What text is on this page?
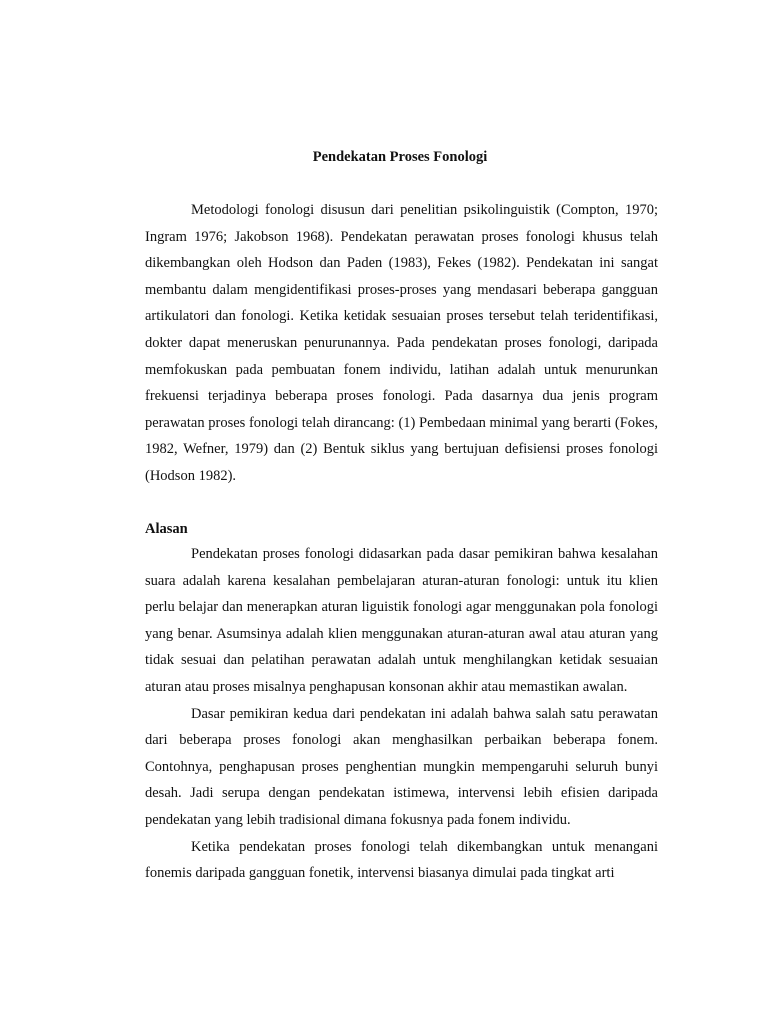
Pendekatan Proses Fonologi

Metodologi fonologi disusun dari penelitian psikolinguistik (Compton, 1970; Ingram 1976; Jakobson 1968). Pendekatan perawatan proses fonologi khusus telah dikembangkan oleh Hodson dan Paden (1983), Fekes (1982). Pendekatan ini sangat membantu dalam mengidentifikasi proses-proses yang mendasari beberapa gangguan artikulatori dan fonologi. Ketika ketidak sesuaian proses tersebut telah teridentifikasi, dokter dapat meneruskan penurunannya. Pada pendekatan proses fonologi, daripada memfokuskan pada pembuatan fonem individu, latihan adalah untuk menurunkan frekuensi terjadinya beberapa proses fonologi. Pada dasarnya dua jenis program perawatan proses fonologi telah dirancang: (1) Pembedaan minimal yang berarti (Fokes, 1982, Wefner, 1979) dan (2) Bentuk siklus yang bertujuan defisiensi proses fonologi (Hodson 1982).

Alasan

Pendekatan proses fonologi didasarkan pada dasar pemikiran bahwa kesalahan suara adalah karena kesalahan pembelajaran aturan-aturan fonologi: untuk itu klien perlu belajar dan menerapkan aturan liguistik fonologi agar menggunakan pola fonologi yang benar. Asumsinya adalah klien menggunakan aturan-aturan awal atau aturan yang tidak sesuai dan pelatihan perawatan adalah untuk menghilangkan ketidak sesuaian aturan atau proses misalnya penghapusan konsonan akhir atau memastikan awalan.

Dasar pemikiran kedua dari pendekatan ini adalah bahwa salah satu perawatan dari beberapa proses fonologi akan menghasilkan perbaikan beberapa fonem. Contohnya, penghapusan proses penghentian mungkin mempengaruhi seluruh bunyi desah. Jadi serupa dengan pendekatan istimewa, intervensi lebih efisien daripada pendekatan yang lebih tradisional dimana fokusnya pada fonem individu.

Ketika pendekatan proses fonologi telah dikembangkan untuk menangani fonemis daripada gangguan fonetik, intervensi biasanya dimulai pada tingkat arti
